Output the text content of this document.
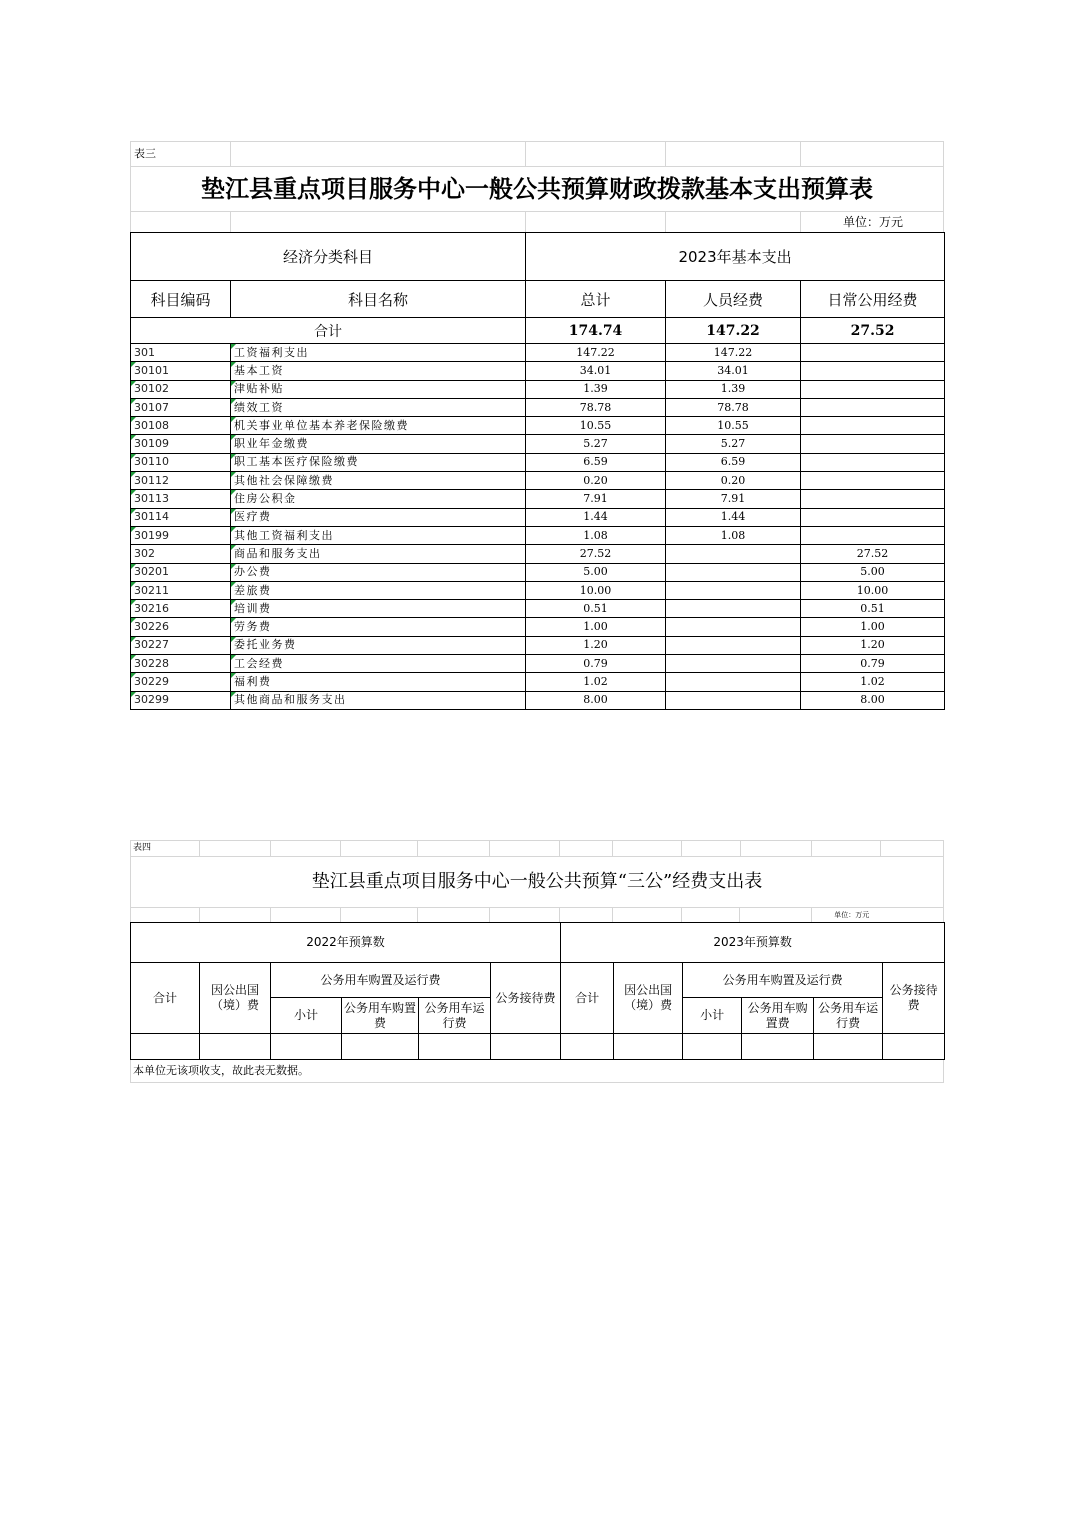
表三
垫江县重点项目服务中心一般公共预算财政拨款基本支出预算表
单位：万元
经济分类科目		2023年基本支出		
科目编码	科目名称	总计	人员经费	日常公用经费
合计		174.74	147.22	27.52
301	工资福利支出	147.22	147.22	

30101	基本工资	34.01	34.01	

30102	津贴补贴	1.39	1.39	

30107	绩效工资	78.78	78.78	

30108	机关事业单位基本养老保险缴费	10.55	10.55	

30109	职业年金缴费	5.27	5.27	

30110	职工基本医疗保险缴费	6.59	6.59	

30112	其他社会保障缴费	0.20	0.20	

30113	住房公积金	7.91	7.91	

30114	医疗费	1.44	1.44	

30199	其他工资福利支出	1.08	1.08	
302	商品和服务支出	27.52		27.52

30201	办公费	5.00		5.00

30211	差旅费	10.00		10.00

30216	培训费	0.51		0.51

30226	劳务费	1.00		1.00

30227	委托业务费	1.20		1.20

30228	工会经费	0.79		0.79

30229	福利费	1.02		1.02

30299	其他商品和服务支出	8.00		8.00
表四
垫江县重点项目服务中心一般公共预算“三公”经费支出表
单位：万元
2022年预算数						2023年预算数					
合计	因公出国（境）费	公务用车购置及运行费			公务接待费	合计	因公出国（境）费	公务用车购置及运行费			公务接待费
		小计	公务用车购置费	公务用车运行费				小计	公务用车购置费	公务用车运行费	

本单位无该项收支，故此表无数据。
